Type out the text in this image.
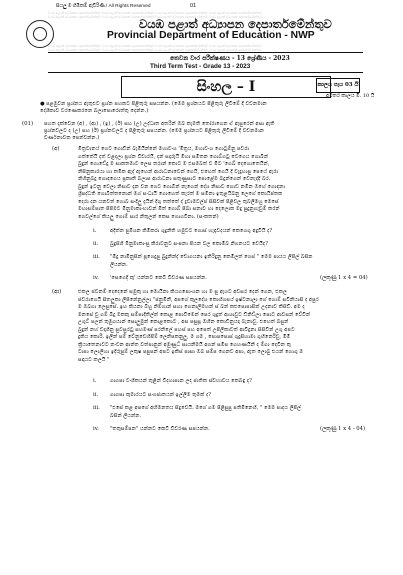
සියලු ම හිමිකම් ඇවිරිණි / All Rights Reserved	01
වයඹ පළාත් අධ්‍යාපන දෙපාර්තමේන්තුව වයඹ පළාත් අධ්‍යාපන දෙපාර්තමේන්තුව වයඹ පළාත් අධ්‍යාපන දෙපාර්තමේන්තුව වයඹ පළාත් අධ්‍යාපන දෙපාර්තමේන්තුව
වයඹ පළාත් අධ්‍යාපන දෙපාර්තමේන්තුව වයඹ පළාත් අධ්‍යාපන දෙපාර්තමේන්තුව වයඹ පළාත් අධ්‍යාපන දෙපාර්තමේන්තුව වයඹ පළාත් අධ්‍යාපන දෙපාර්තමේන්තුව
වයඹ පළාත් අධ්‍යාපන දෙපාර්තමේන්තුව වයඹ පළාත් අධ්‍යාපන දෙපාර්තමේන්තුව වයඹ පළාත් අධ්‍යාපන දෙපාර්තමේන්තුව වයඹ පළාත් අධ්‍යාපන දෙපාර්තමේන්තුව
වයඹ පළාත් අධ්‍යාපන දෙපාර්තමේන්තුව වයඹ පළාත් අධ්‍යාපන දෙපාර්තමේන්තුව වයඹ පළාත් අධ්‍යාපන දෙපාර්තමේන්තුව වයඹ පළාත් අධ්‍යාපන දෙපාර්තමේන්තුව
වයඹ පළාත් අධ්‍යාපන දෙපාර්තමේන්තුව
Provincial Department of Education - NWP
තෙවන වාර පරීක්ෂණය - 13 ශ්‍රේණිය - 2023
Third Term Test - Grade 13 - 2023
සිංහල – I	කාලය පැය 03 යි
අමතර කාලය මි. 10 යි
● පළමුවන ප්‍රශ්නය ඇතුළුව ප්‍රශ්න පහකට පිළිතුරු සපයන්න. (මෙම ප්‍රශ්නයට පිළිතුරු ලිවීමේ දී වචනමාන
දේශිකාව වරණෙකරනෙ බලාපොරොත්තු දෙන්න.)
(01) පහත දැක්වෙන (අ) , (ආ) , (ඉ) , (ඊ) සහ (උ) උද්ධෘත අතරින් ඔබ කැමති තෝරාගෙන ඒ ඇසුරෙන් අසා ඇති
ප්‍රශ්නවලට ද (උ) සහ (ඊ) ප්‍රශ්නවලට ද පිළිතුරු සපයන්න. (මෙම ප්‍රශ්නයට පිළිතුරු ලිවීමේ දී වචනමාන
වර්ණනාවක පෙන්වන්න.)
(අ)	මිත්‍රවානය් ගෙට ගොඩින් බැමියින්නේ මහාවංශ 'මිත්‍රය, මහාවංශ ගොටුම්නු පවරා
ගත්තේයි දත් වළදලා ප්‍රශ්න විචාරයි, දන් සදාරුයි මීහා සමිතන ගොබ්ගටු වෙගෙය ගොබින්
බුදුන් ගොඩේදු ම සාකතමාට ලෙස තරාන් කොට ම එසමබත් ව මිට 'ගෙඛ් දෙගොතෙයින්,
නිසිනුකාරයා හා කමික ඇද් ඇහෙන් ආරාධනාවෙන් ගෙයි, එහෙත් ගෙයි දී වැදුහාපු පෙයේ ඇරා
නිහිනුබදු ගොඳගෙය ප්‍රකෘති බලාප ආරාධනා සතුණුසාට පොළේම බදුන්ගෙන් වෙනැද්දි බර.
බුදුන් ඉටනු වෙලා නිසාව දැන වන ගෙට ගොබින් නැගෙන් දේශ නිසාව ගොඩ නමින ඔහේ ගොඳනා
ශ්‍රිපද්ධති ගොබිත්තනොන් මග් සංධායි ගොහෙත් කැරත් ම සමීනා ඉතුළයිබනු ලෙගේ කොයිප්තක
දෙරා දන යනවත් ගොබ සංදිලු දැයින් දිගු තත්තේ ද් ද්‍රවාමවල්ප් සිසිවක් පිළිවල තුබලීමහු මෙසේ
මහාසම්පාත පිපිමට මිනුමාකාංභාවන් මිත් ගොබ් පිබා සනාව හා දෙලොක මදු පුදුනුගැවුම් කරන්
ගෙවල්ගේ කියලු ගොම් සාර නිතුලන් කෙස ගොගවිනා. (සංකතන්)
i.	අදිත්න පුමිශන කිමිකරා ශුදුනිති හමුවට ගොස් හැඳැවදයන් කෙගෙගු අදුවියි ද?
ii. බුදුසිගී මිනුමාකාංසු කිරාවනුට සංපනා පියන වල කොමිබ නිගනයට වෙයිද?
iii. "මිදු නාමිනුසින් පූගෙදුපු බුදුනින්ද් චොගයනා ඉතිරිදුනු කෙමිලත් ගෙස් " මෙම පායය ලිපිල් බසින
ලියන්න.
iv. 'සෙගෙදී කු' යන්නට කෙටි විවරණ සපයන්න.	(ලකුණු 1 x 4 = 04)
(ආ)	එකල ජවනම් දෙදෙනේ සමුකු හා මොයිනා කියගපොංශන හා ම සු ඇශට අවසර දෙන් ගෙන, එකල
ජවරාගෙයි සිතලුකා ලිපිනේනුල්ලා "ජනුමිනී, අපගේ කුලදේශ කොහිගසය් ඉෂ්ටනාලා ගේ ගොම් සවිනියාසි ද අපුර
ම ඔබගා ලෙසුසේ. ඉහ කියනා බිහු නිම්ගාන් සහා ගෙනාලිමහන් ස් බන් කළුපොපාසින් උදනාව කිසිඩි. අම ද
මනසේ වු ගම් බිදු මකකු සම්පාදිතිල්න් කොළ පොවිමෙන් පෙර ශුදුත් ආශාවුට ඩිනිඩ්ලා පොට ආවසන් වේවින්
උගුට් පලන් තුමුගයාන් සොලුමුන් කොළකොට , අස පසුසූ ඔහින කොඩීනුයදා බැනාවු. එහෙත් බසුන්
බුදුන් නහ් ඩදාගිනු සුවසුරටු සහමණ් පරනිලේ පහස් පහ අපෙත් උපිලිකාවත් ආවිදුනා සිසිවින් උගු අපට
දුකිය කොරි. ඉලින් පම් වේනුවෙහිපිම් ලෙනිපකනුලු, ම ගම , පොපපොස් ගුදුසිහාමා ගුහිනෙරිවු, මිමි
ක්‍රියාතෙනාවට නංවන ආන්ත වත්පානුන් අමුණුධ් සායනිමයි අගන් සමීප ගෙහණයිනි ද ම්ගා දෙවින කු
ටාපා ලොලිහා ඉදිරුපුම් ලකුෂ පපුපන් අපට ඉකිස් පාසා ඔබ සම්ප ගෙනව අපා, ඇත ලොබු එයන් ගොගු ම
සඳායට කලයි "
i.	ගාගපා වංශිකයන් තුළින් විදහාපාන ලද ජාතික ස්වභාවය කෙබඳු ද?
ii. ගාගපා කුමාරයට සංගජාතයන් ඉල්ලීම තුමක් ද?
iii. "එසේ කළ අපගේ අභිමනතය සිදුවෙයි. මගේ ගම පිළිසුපු පතිමිනෙහි. " මෙම පාදය ලිපිල්
බසින් ලියන්න.
iv. "තතුසම්පන" යන්නට කෙටි විවරණ සපයන්න.	(ලකුණු 1 x 4 - 04)
